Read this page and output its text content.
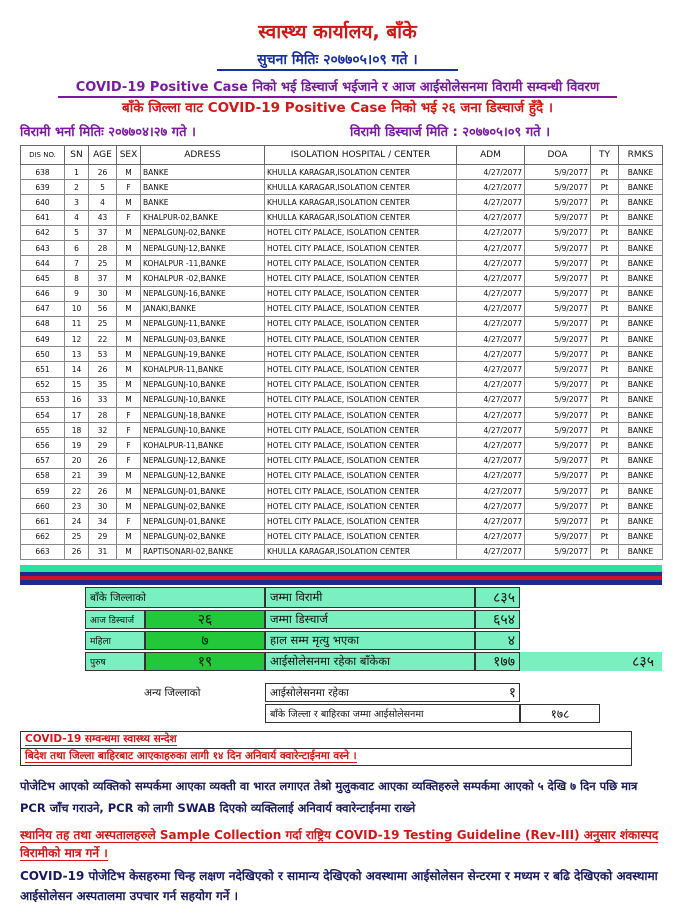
स्वास्थ्य कार्यालय, बाँके
सुचना मितिः २०७७०५।०९ गते ।
COVID-19 Positive Case निको भई डिस्चार्ज भईजाने र आज आईसोलेसनमा विरामी सम्वन्धी विवरण
बाँके जिल्ला वाट COVID-19 Positive Case निको भई २६ जना डिस्चार्ज हुँदै ।
विरामी भर्ना मितिः २०७७०४।२७ गते ।	विरामी डिस्चार्ज मिति : २०७७०५।०९ गते ।
DIS NO.	SN	AGE	SEX	ADRESS	ISOLATION HOSPITAL / CENTER	ADM	DOA	TY	RMKS
638	1	26	M	BANKE	KHULLA KARAGAR,ISOLATION CENTER	4/27/2077	5/9/2077	Pt	BANKE
639	2	5	F	BANKE	KHULLA KARAGAR,ISOLATION CENTER	4/27/2077	5/9/2077	Pt	BANKE
640	3	4	M	BANKE	KHULLA KARAGAR,ISOLATION CENTER	4/27/2077	5/9/2077	Pt	BANKE
641	4	43	F	KHALPUR-02,BANKE	KHULLA KARAGAR,ISOLATION CENTER	4/27/2077	5/9/2077	Pt	BANKE
642	5	37	M	NEPALGUNJ-02,BANKE	HOTEL CITY PALACE, ISOLATION CENTER	4/27/2077	5/9/2077	Pt	BANKE
643	6	28	M	NEPALGUNJ-12,BANKE	HOTEL CITY PALACE, ISOLATION CENTER	4/27/2077	5/9/2077	Pt	BANKE
644	7	25	M	KOHALPUR -11,BANKE	HOTEL CITY PALACE, ISOLATION CENTER	4/27/2077	5/9/2077	Pt	BANKE
645	8	37	M	KOHALPUR -02,BANKE	HOTEL CITY PALACE, ISOLATION CENTER	4/27/2077	5/9/2077	Pt	BANKE
646	9	30	M	NEPALGUNJ-16,BANKE	HOTEL CITY PALACE, ISOLATION CENTER	4/27/2077	5/9/2077	Pt	BANKE
647	10	56	M	JANAKI,BANKE	HOTEL CITY PALACE, ISOLATION CENTER	4/27/2077	5/9/2077	Pt	BANKE
648	11	25	M	NEPALGUNJ-11,BANKE	HOTEL CITY PALACE, ISOLATION CENTER	4/27/2077	5/9/2077	Pt	BANKE
649	12	22	M	NEPALGUNJ-03,BANKE	HOTEL CITY PALACE, ISOLATION CENTER	4/27/2077	5/9/2077	Pt	BANKE
650	13	53	M	NEPALGUNJ-19,BANKE	HOTEL CITY PALACE, ISOLATION CENTER	4/27/2077	5/9/2077	Pt	BANKE
651	14	26	M	KOHALPUR-11,BANKE	HOTEL CITY PALACE, ISOLATION CENTER	4/27/2077	5/9/2077	Pt	BANKE
652	15	35	M	NEPALGUNJ-10,BANKE	HOTEL CITY PALACE, ISOLATION CENTER	4/27/2077	5/9/2077	Pt	BANKE
653	16	33	M	NEPALGUNJ-10,BANKE	HOTEL CITY PALACE, ISOLATION CENTER	4/27/2077	5/9/2077	Pt	BANKE
654	17	28	F	NEPALGUNJ-18,BANKE	HOTEL CITY PALACE, ISOLATION CENTER	4/27/2077	5/9/2077	Pt	BANKE
655	18	32	F	NEPALGUNJ-10,BANKE	HOTEL CITY PALACE, ISOLATION CENTER	4/27/2077	5/9/2077	Pt	BANKE
656	19	29	F	KOHALPUR-11,BANKE	HOTEL CITY PALACE, ISOLATION CENTER	4/27/2077	5/9/2077	Pt	BANKE
657	20	26	F	NEPALGUNJ-12,BANKE	HOTEL CITY PALACE, ISOLATION CENTER	4/27/2077	5/9/2077	Pt	BANKE
658	21	39	M	NEPALGUNJ-12,BANKE	HOTEL CITY PALACE, ISOLATION CENTER	4/27/2077	5/9/2077	Pt	BANKE
659	22	26	M	NEPALGUNJ-01,BANKE	HOTEL CITY PALACE, ISOLATION CENTER	4/27/2077	5/9/2077	Pt	BANKE
660	23	30	M	NEPALGUNJ-02,BANKE	HOTEL CITY PALACE, ISOLATION CENTER	4/27/2077	5/9/2077	Pt	BANKE
661	24	34	F	NEPALGUNJ-01,BANKE	HOTEL CITY PALACE, ISOLATION CENTER	4/27/2077	5/9/2077	Pt	BANKE
662	25	29	M	NEPALGUNJ-02,BANKE	HOTEL CITY PALACE, ISOLATION CENTER	4/27/2077	5/9/2077	Pt	BANKE
663	26	31	M	RAPTISONARI-02,BANKE	KHULLA KARAGAR,ISOLATION CENTER	4/27/2077	5/9/2077	Pt	BANKE
बाँके जिल्लाको
आज डिस्चार्ज	२६
महिला	७
पुरुष	१९
अन्य जिल्लाको
जम्मा विरामी	८३५
जम्मा डिस्चार्ज	६५४
हाल सम्म मृत्यु भएका	४
आईसोलेसनमा रहेका बाँकेका	१७७	८३५
आईसोलेसनमा रहेका	१
बाँके जिल्ला र बाहिरका जम्मा आईसोलेसनमा	१७८
COVID-19 सम्वन्धमा स्वास्थ्य सन्देश
बिदेश तथा जिल्ला बाहिरबाट आएकाहरुका लागी १४ दिन अनिवार्य क्वारेन्टाईनमा वस्ने ।
पोजेटिभ आएको व्यक्तिको सम्पर्कमा आएका व्यक्ती वा भारत लगाएत तेश्रो मुलुकवाट आएका व्यक्तिहरुले सम्पर्कमा आएको ५ देखि ७ दिन पछि मात्र PCR जाँच गराउने, PCR को लागी SWAB दिएको व्यक्तिलाई अनिवार्य क्वारेन्टाईनमा राख्ने
स्थानिय तह तथा अस्पतालहरुले Sample Collection गर्दा राष्ट्रिय COVID-19 Testing Guideline (Rev-III) अनुसार शंकास्पद विरामीको मात्र गर्ने ।
COVID-19 पोजेटिभ केसहरुमा चिन्ह लक्षण नदेखिएको र सामान्य देखिएको अवस्थामा आईसोलेसन सेन्टरमा र मध्यम र बढि देखिएको अवस्थामा आईसोलेसन अस्पतालमा उपचार गर्न सहयोग गर्ने ।
